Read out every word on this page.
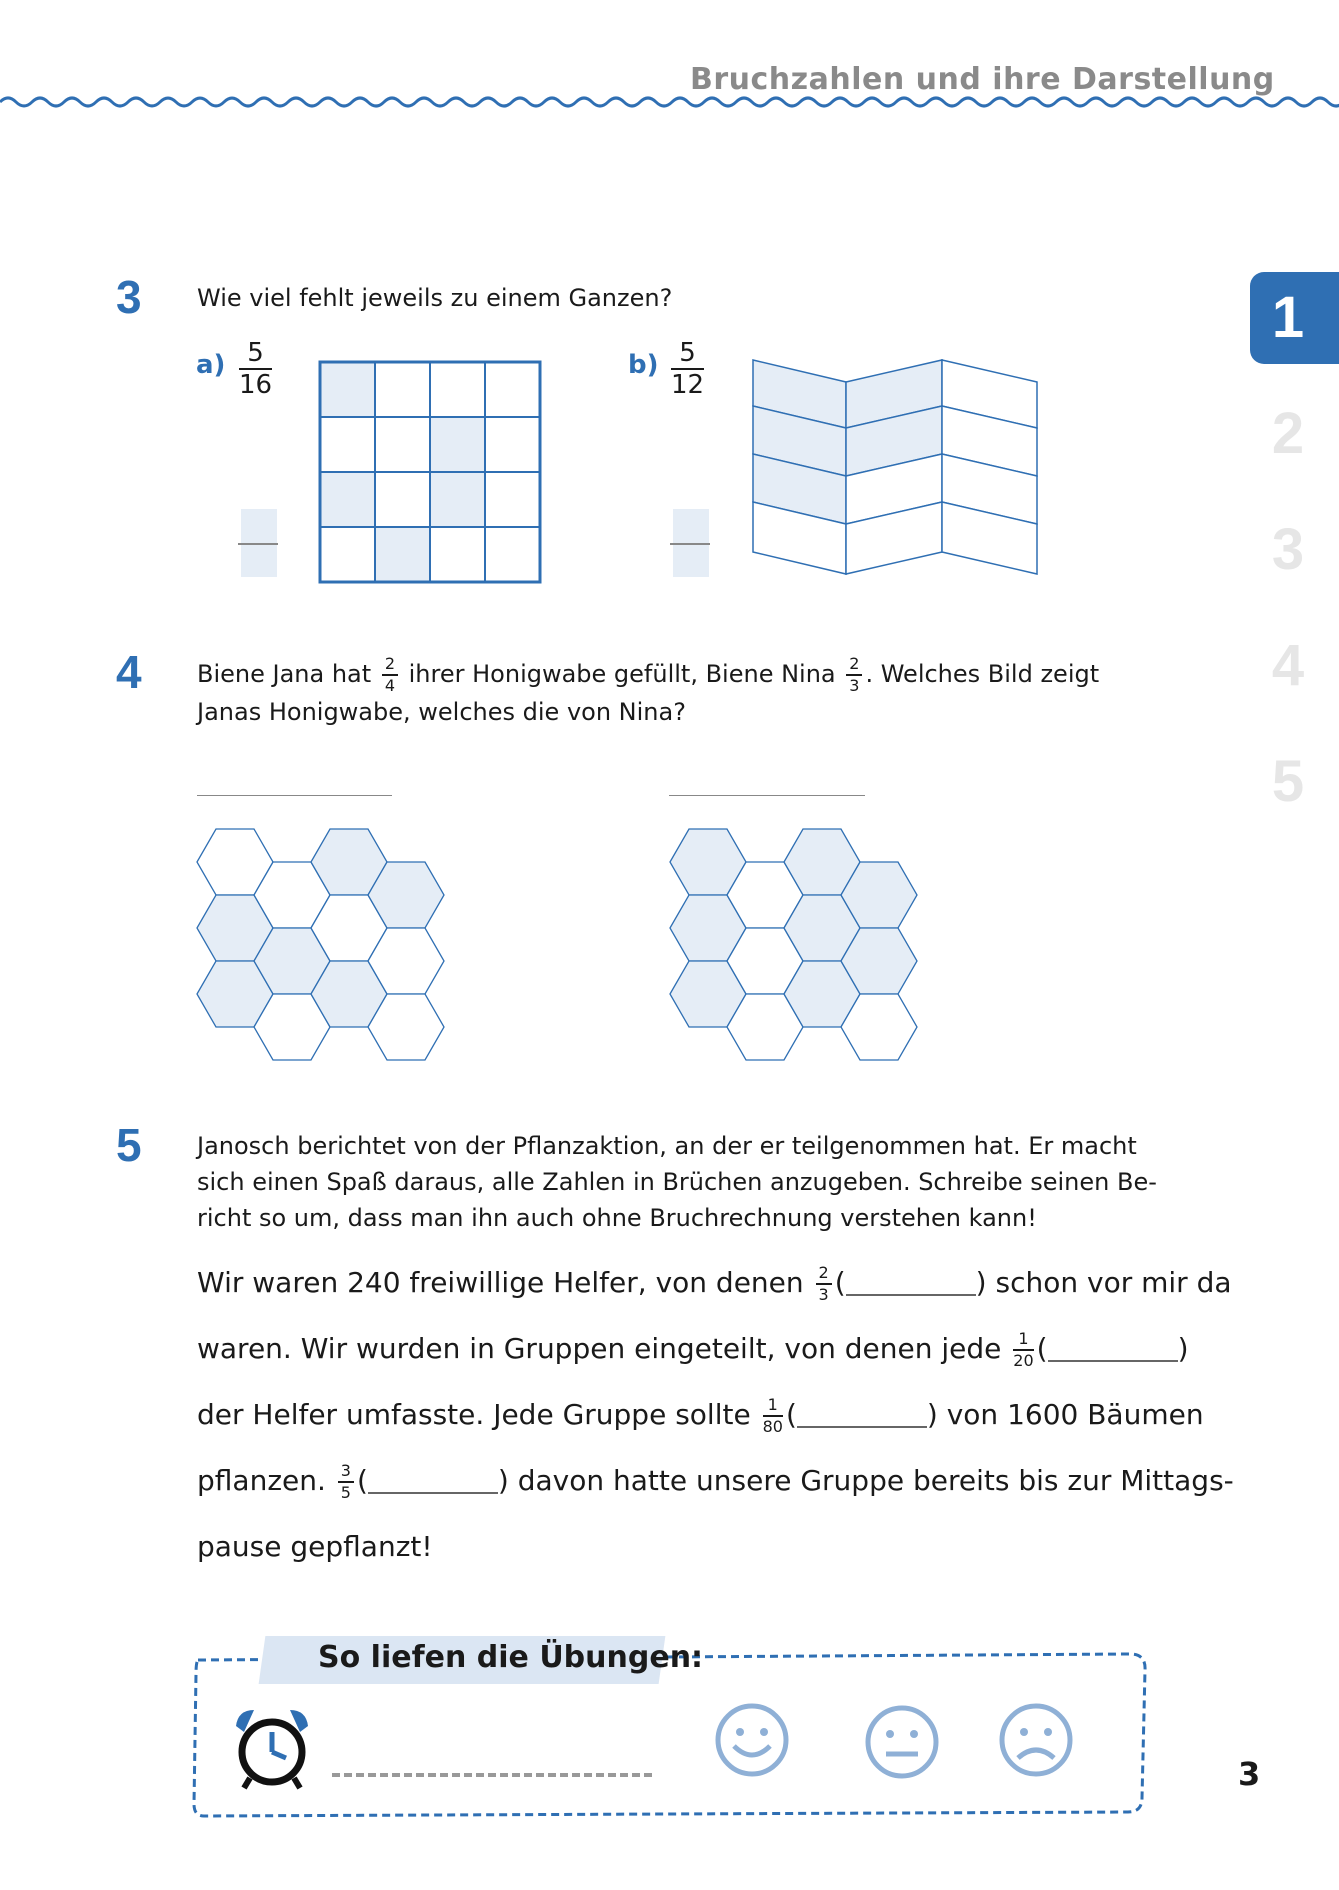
Bruchzahlen und ihre Darstellung
1
2
3
4
5
3 Wie viel fehlt jeweils zu einem Ganzen?
$a) \frac{5}{16}$	$b) \frac{5}{12}$
4 Biene Jana hat $\frac{2}{4}$ ihrer Honigwabe gefüllt, Biene Nina $\frac{2}{3}$ . Welches Bild zeigt
Janas Honigwabe, welches die von Nina?
5 Janosch berichtet von der Pflanzaktion, an der er teilgenommen hat. Er macht
sich einen Spaß daraus, alle Zahlen in Brüchen anzugeben. Schreibe seinen Be-
richt so um, dass man ihn auch ohne Bruchrechnung verstehen kann!
Wir waren 240 freiwillige Helfer, von denen $\frac{2}{3}$ (	) schon vor mir da
waren. Wir wurden in Gruppen eingeteilt, von denen jede $\frac{1}{20}$ (	)
der Helfer umfasste. Jede Gruppe sollte $\frac{1}{80}$ (	) von 1600 Bäumen
pflanzen. $\frac{3}{5}$ (	) davon hatte unsere Gruppe bereits bis zur Mittags-
pause gepflanzt!
So liefen die Übungen:
3
